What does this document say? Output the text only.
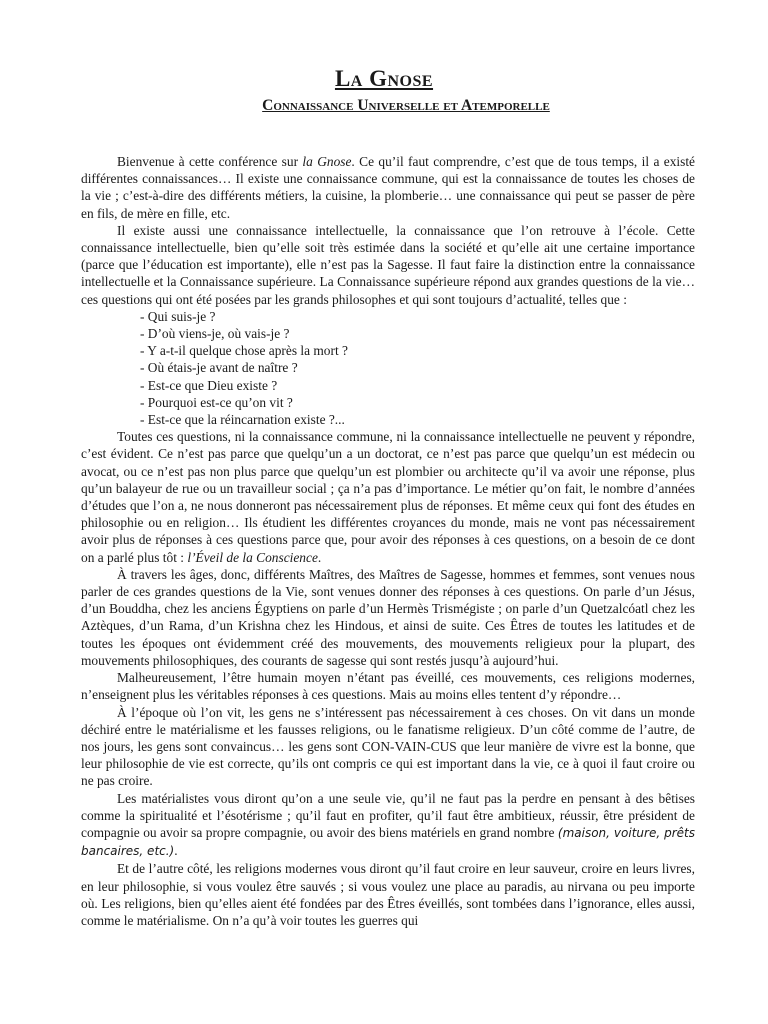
La Gnose
Connaissance Universelle et Atemporelle

Bienvenue à cette conférence sur la Gnose. Ce qu’il faut comprendre, c’est que de tous temps, il a existé différentes connaissances… Il existe une connaissance commune, qui est la connaissance de toutes les choses de la vie ; c’est-à-dire des différents métiers, la cuisine, la plomberie… une connaissance qui peut se passer de père en fils, de mère en fille, etc.

Il existe aussi une connaissance intellectuelle, la connaissance que l’on retrouve à l’école. Cette connaissance intellectuelle, bien qu’elle soit très estimée dans la société et qu’elle ait une certaine importance (parce que l’éducation est importante), elle n’est pas la Sagesse. Il faut faire la distinction entre la connaissance intellectuelle et la Connaissance supérieure. La Connaissance supérieure répond aux grandes questions de la vie… ces questions qui ont été posées par les grands philosophes et qui sont toujours d’actualité, telles que :

- Qui suis-je ?
- D’où viens-je, où vais-je ?
- Y a-t-il quelque chose après la mort ?
- Où étais-je avant de naître ?
- Est-ce que Dieu existe ?
- Pourquoi est-ce qu’on vit ?
- Est-ce que la réincarnation existe ?...

Toutes ces questions, ni la connaissance commune, ni la connaissance intellectuelle ne peuvent y répondre, c’est évident. Ce n’est pas parce que quelqu’un a un doctorat, ce n’est pas parce que quelqu’un est médecin ou avocat, ou ce n’est pas non plus parce que quelqu’un est plombier ou architecte qu’il va avoir une réponse, plus qu’un balayeur de rue ou un travailleur social ; ça n’a pas d’importance. Le métier qu’on fait, le nombre d’années d’études que l’on a, ne nous donneront pas nécessairement plus de réponses. Et même ceux qui font des études en philosophie ou en religion… Ils étudient les différentes croyances du monde, mais ne vont pas nécessairement avoir plus de réponses à ces questions parce que, pour avoir des réponses à ces questions, on a besoin de ce dont on a parlé plus tôt : l’Éveil de la Conscience.

À travers les âges, donc, différents Maîtres, des Maîtres de Sagesse, hommes et femmes, sont venues nous parler de ces grandes questions de la Vie, sont venues donner des réponses à ces questions. On parle d’un Jésus, d’un Bouddha, chez les anciens Égyptiens on parle d’un Hermès Trismégiste ; on parle d’un Quetzalcóatl chez les Aztèques, d’un Rama, d’un Krishna chez les Hindous, et ainsi de suite. Ces Êtres de toutes les latitudes et de toutes les époques ont évidemment créé des mouvements, des mouvements religieux pour la plupart, des mouvements philosophiques, des courants de sagesse qui sont restés jusqu’à aujourd’hui.

Malheureusement, l’être humain moyen n’étant pas éveillé, ces mouvements, ces religions modernes, n’enseignent plus les véritables réponses à ces questions. Mais au moins elles tentent d’y répondre…

À l’époque où l’on vit, les gens ne s’intéressent pas nécessairement à ces choses. On vit dans un monde déchiré entre le matérialisme et les fausses religions, ou le fanatisme religieux. D’un côté comme de l’autre, de nos jours, les gens sont convaincus… les gens sont CON-VAIN-CUS que leur manière de vivre est la bonne, que leur philosophie de vie est correcte, qu’ils ont compris ce qui est important dans la vie, ce à quoi il faut croire ou ne pas croire.

Les matérialistes vous diront qu’on a une seule vie, qu’il ne faut pas la perdre en pensant à des bêtises comme la spiritualité et l’ésotérisme ; qu’il faut en profiter, qu’il faut être ambitieux, réussir, être président de compagnie ou avoir sa propre compagnie, ou avoir des biens matériels en grand nombre (maison, voiture, prêts bancaires, etc.).

Et de l’autre côté, les religions modernes vous diront qu’il faut croire en leur sauveur, croire en leurs livres, en leur philosophie, si vous voulez être sauvés ; si vous voulez une place au paradis, au nirvana ou peu importe où. Les religions, bien qu’elles aient été fondées par des Êtres éveillés, sont tombées dans l’ignorance, elles aussi, comme le matérialisme. On n’a qu’à voir toutes les guerres qui
